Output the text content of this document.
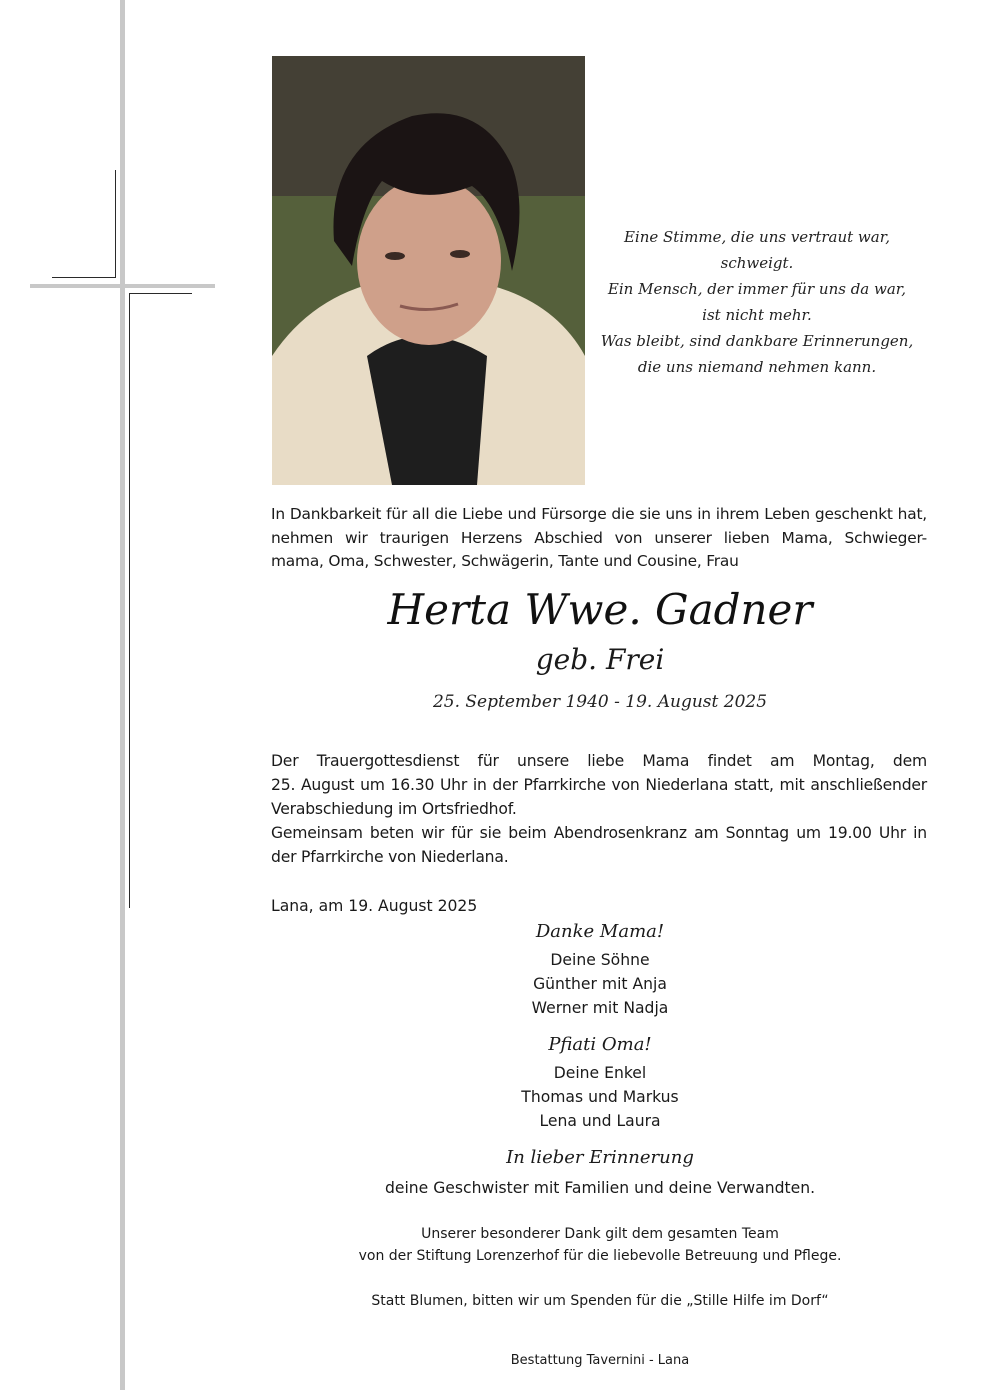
Eine Stimme, die uns vertraut war,
schweigt.
Ein Mensch, der immer für uns da war,
ist nicht mehr.
Was bleibt, sind dankbare Erinnerungen,
die uns niemand nehmen kann.
In Dankbarkeit für all die Liebe und Fürsorge die sie uns in ihrem Leben geschenkt hat,
nehmen wir traurigen Herzens Abschied von unserer lieben Mama, Schwieger-
mama, Oma, Schwester, Schwägerin, Tante und Cousine, Frau
Herta Wwe. Gadner
geb. Frei
25. September 1940 - 19. August 2025
Der Trauergottesdienst für unsere liebe Mama findet am Montag, dem
25. August um 16.30 Uhr in der Pfarrkirche von Niederlana statt, mit anschließender
Verabschiedung im Ortsfriedhof.
Gemeinsam beten wir für sie beim Abendrosenkranz am Sonntag um 19.00 Uhr in
der Pfarrkirche von Niederlana.
Lana, am 19. August 2025
Danke Mama!
Deine Söhne
Günther mit Anja
Werner mit Nadja
Pfiati Oma!
Deine Enkel
Thomas und Markus
Lena und Laura
In lieber Erinnerung
deine Geschwister mit Familien und deine Verwandten.
Unserer besonderer Dank gilt dem gesamten Team
von der Stiftung Lorenzerhof für die liebevolle Betreuung und Pflege.
Statt Blumen, bitten wir um Spenden für die „Stille Hilfe im Dorf“
Bestattung Tavernini - Lana
